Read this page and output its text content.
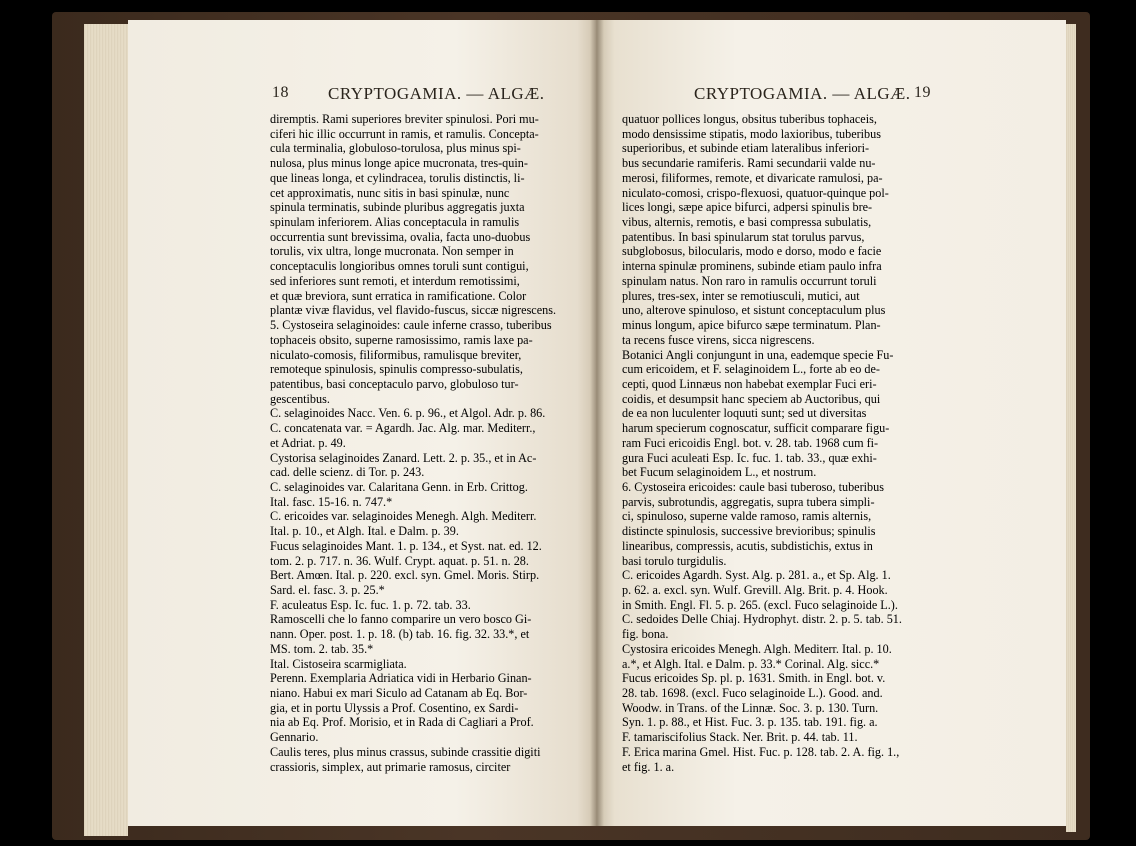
18 CRYPTOGAMIA. — ALGÆ.	CRYPTOGAMIA. — ALGÆ. 19
diremptis. Rami superiores breviter spinulosi. Pori mu-
ciferi hic illic occurrunt in ramis, et ramulis. Concepta-
cula terminalia, globuloso-torulosa, plus minus spi-
nulosa, plus minus longe apice mucronata, tres-quin-
que lineas longa, et cylindracea, torulis distinctis, li-
cet approximatis, nunc sitis in basi spinulæ, nunc
spinula terminatis, subinde pluribus aggregatis juxta
spinulam inferiorem. Alias conceptacula in ramulis
occurrentia sunt brevissima, ovalia, facta uno-duobus
torulis, vix ultra, longe mucronata. Non semper in
conceptaculis longioribus omnes toruli sunt contigui,
sed inferiores sunt remoti, et interdum remotissimi,
et quæ breviora, sunt erratica in ramificatione. Color
plantæ vivæ flavidus, vel flavido-fuscus, siccæ nigrescens.
5. Cystoseira selaginoides: caule inferne crasso, tuberibus
tophaceis obsito, superne ramosissimo, ramis laxe pa-
niculato-comosis, filiformibus, ramulisque breviter,
remoteque spinulosis, spinulis compresso-subulatis,
patentibus, basi conceptaculo parvo, globuloso tur-
gescentibus.
C. selaginoides Nacc. Ven. 6. p. 96., et Algol. Adr. p. 86.
C. concatenata var. = Agardh. Jac. Alg. mar. Mediterr.,
et Adriat. p. 49.
Cystorisa selaginoides Zanard. Lett. 2. p. 35., et in Ac-
cad. delle scienz. di Tor. p. 243.
C. selaginoides var. Calaritana Genn. in Erb. Crittog.
Ital. fasc. 15-16. n. 747.*
C. ericoides var. selaginoides Menegh. Algh. Mediterr.
Ital. p. 10., et Algh. Ital. e Dalm. p. 39.
Fucus selaginoides Mant. 1. p. 134., et Syst. nat. ed. 12.
tom. 2. p. 717. n. 36. Wulf. Crypt. aquat. p. 51. n. 28.
Bert. Amœn. Ital. p. 220. excl. syn. Gmel. Moris. Stirp.
Sard. el. fasc. 3. p. 25.*
F. aculeatus Esp. Ic. fuc. 1. p. 72. tab. 33.
Ramoscelli che lo fanno comparire un vero bosco Gi-
nann. Oper. post. 1. p. 18. (b) tab. 16. fig. 32. 33.*, et
MS. tom. 2. tab. 35.*
Ital. Cistoseira scarmigliata.
Perenn. Exemplaria Adriatica vidi in Herbario Ginan-
niano. Habui ex mari Siculo ad Catanam ab Eq. Bor-
gia, et in portu Ulyssis a Prof. Cosentino, ex Sardi-
nia ab Eq. Prof. Morisio, et in Rada di Cagliari a Prof.
Gennario.
Caulis teres, plus minus crassus, subinde crassitie digiti
crassioris, simplex, aut primarie ramosus, circiter
quatuor pollices longus, obsitus tuberibus tophaceis,
modo densissime stipatis, modo laxioribus, tuberibus
superioribus, et subinde etiam lateralibus inferiori-
bus secundarie ramiferis. Rami secundarii valde nu-
merosi, filiformes, remote, et divaricate ramulosi, pa-
niculato-comosi, crispo-flexuosi, quatuor-quinque pol-
lices longi, sæpe apice bifurci, adpersi spinulis bre-
vibus, alternis, remotis, e basi compressa subulatis,
patentibus. In basi spinularum stat torulus parvus,
subglobosus, bilocularis, modo e dorso, modo e facie
interna spinulæ prominens, subinde etiam paulo infra
spinulam natus. Non raro in ramulis occurrunt toruli
plures, tres-sex, inter se remotiusculi, mutici, aut
uno, alterove spinuloso, et sistunt conceptaculum plus
minus longum, apice bifurco sæpe terminatum. Plan-
ta recens fusce virens, sicca nigrescens.
Botanici Angli conjungunt in una, eademque specie Fu-
cum ericoidem, et F. selaginoidem L., forte ab eo de-
cepti, quod Linnæus non habebat exemplar Fuci eri-
coidis, et desumpsit hanc speciem ab Auctoribus, qui
de ea non luculenter loquuti sunt; sed ut diversitas
harum specierum cognoscatur, sufficit comparare figu-
ram Fuci ericoidis Engl. bot. v. 28. tab. 1968 cum fi-
gura Fuci aculeati Esp. Ic. fuc. 1. tab. 33., quæ exhi-
bet Fucum selaginoidem L., et nostrum.
6. Cystoseira ericoides: caule basi tuberoso, tuberibus
parvis, subrotundis, aggregatis, supra tubera simpli-
ci, spinuloso, superne valde ramoso, ramis alternis,
distincte spinulosis, successive brevioribus; spinulis
linearibus, compressis, acutis, subdistichis, extus in
basi torulo turgidulis.
C. ericoides Agardh. Syst. Alg. p. 281. a., et Sp. Alg. 1.
p. 62. a. excl. syn. Wulf. Grevill. Alg. Brit. p. 4. Hook.
in Smith. Engl. Fl. 5. p. 265. (excl. Fuco selaginoide L.).
C. sedoides Delle Chiaj. Hydrophyt. distr. 2. p. 5. tab. 51.
fig. bona.
Cystosira ericoides Menegh. Algh. Mediterr. Ital. p. 10.
a.*, et Algh. Ital. e Dalm. p. 33.* Corinal. Alg. sicc.*
Fucus ericoides Sp. pl. p. 1631. Smith. in Engl. bot. v.
28. tab. 1698. (excl. Fuco selaginoide L.). Good. and.
Woodw. in Trans. of the Linnæ. Soc. 3. p. 130. Turn.
Syn. 1. p. 88., et Hist. Fuc. 3. p. 135. tab. 191. fig. a.
F. tamariscifolius Stack. Ner. Brit. p. 44. tab. 11.
F. Erica marina Gmel. Hist. Fuc. p. 128. tab. 2. A. fig. 1.,
et fig. 1. a.
